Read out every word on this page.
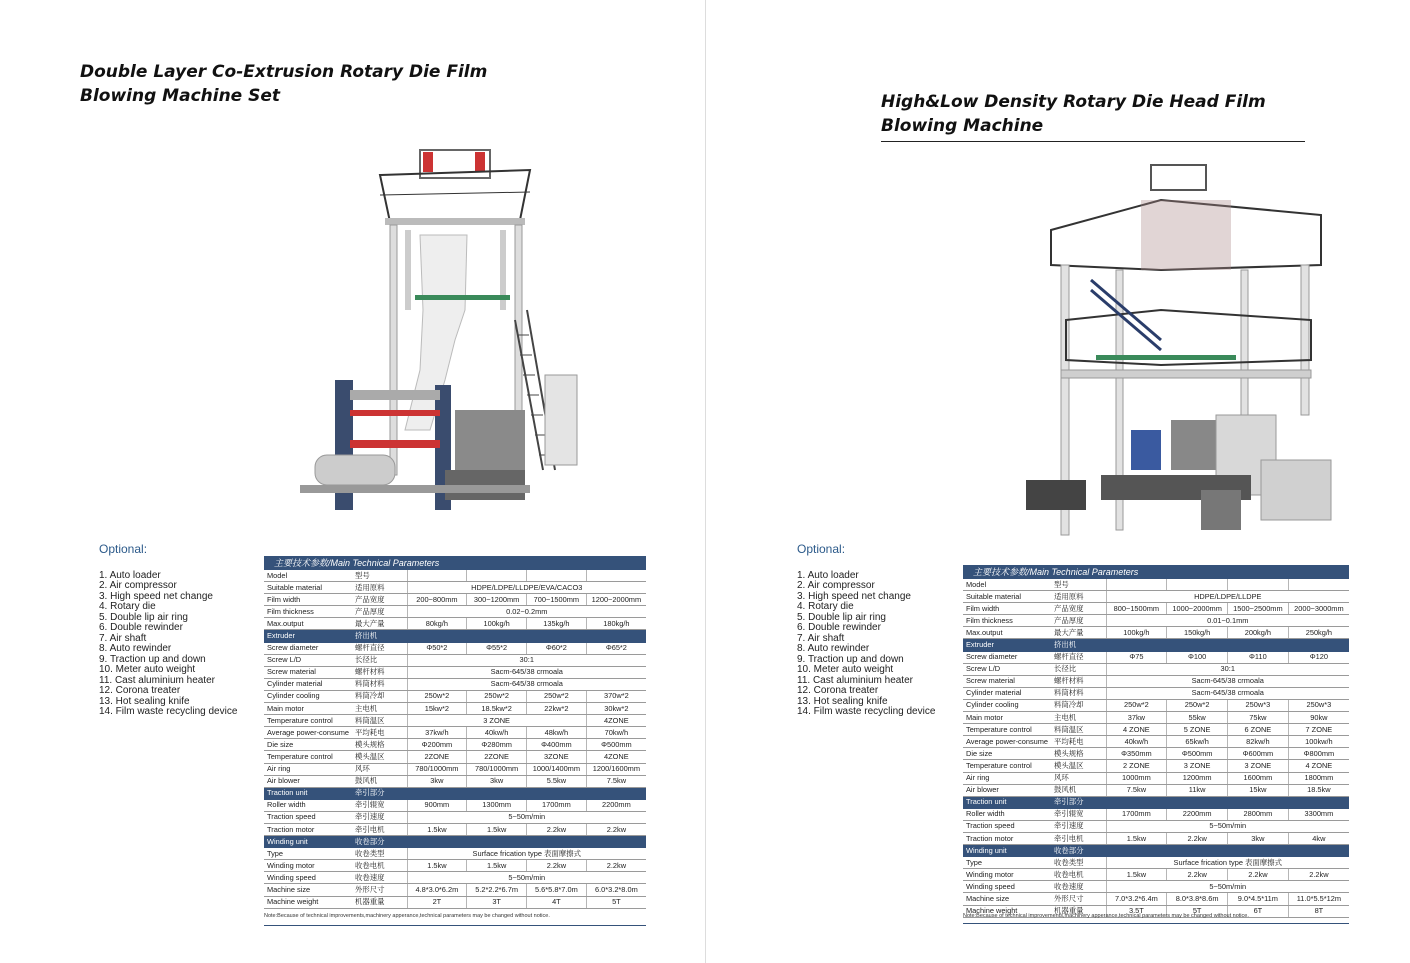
Double Layer Co-Extrusion Rotary Die Film
Blowing Machine Set
Optional:
1. Auto loader
2. Air compressor
3. High speed net change
4. Rotary die
5. Double lip air ring
6. Double rewinder
7. Air shaft
8. Auto rewinder
9. Traction up and down
10. Meter auto weight
11. Cast aluminium heater
12. Corona treater
13. Hot sealing knife
14. Film waste recycling device
主要技术参数/Main Technical Parameters
Model	型号				
Suitable material	适用原料	HDPE/LDPE/LLDPE/EVA/CACO3			
Film width	产品宽度	200~800mm	300~1200mm	700~1500mm	1200~2000mm
Film thickness	产品厚度	0.02~0.2mm			
Max.output	最大产量	80kg/h	100kg/h	135kg/h	180kg/h
Extruder	挤出机				
Screw diameter	螺杆直径	Φ50*2	Φ55*2	Φ60*2	Φ65*2
Screw L/D	长径比	30:1			
Screw material	螺杆材料	Sacm-645/38 crmoala			
Cylinder material	料筒材料	Sacm-645/38 crmoala			
Cylinder cooling	料筒冷却	250w*2	250w*2	250w*2	370w*2
Main motor	主电机	15kw*2	18.5kw*2	22kw*2	30kw*2
Temperature control	料筒温区	3 ZONE			4ZONE
Average power-consume	平均耗电	37kw/h	40kw/h	48kw/h	70kw/h
Die size	模头规格	Φ200mm	Φ280mm	Φ400mm	Φ500mm
Temperature control	模头温区	2ZONE	2ZONE	3ZONE	4ZONE
Air ring	风环	780/1000mm	780/1000mm	1000/1400mm	1200/1600mm
Air blower	鼓风机	3kw	3kw	5.5kw	7.5kw
Traction unit	牵引部分				
Roller width	牵引辊宽	900mm	1300mm	1700mm	2200mm
Traction speed	牵引速度	5~50m/min			
Traction motor	牵引电机	1.5kw	1.5kw	2.2kw	2.2kw
Winding unit	收卷部分				
Type	收卷类型	Surface frication type 表面摩擦式			
Winding motor	收卷电机	1.5kw	1.5kw	2.2kw	2.2kw
Winding speed	收卷速度	5~50m/min			
Machine size	外形尺寸	4.8*3.0*6.2m	5.2*2.2*6.7m	5.6*5.8*7.0m	6.0*3.2*8.0m
Machine weight	机器重量	2T	3T	4T	5T
Note:Because of technical improvements,machinery apperance,technical parameters may be changed without notice.
High&Low Density Rotary Die Head Film
Blowing Machine
Optional:
1. Auto loader
2. Air compressor
3. High speed net change
4. Rotary die
5. Double lip air ring
6. Double rewinder
7. Air shaft
8. Auto rewinder
9. Traction up and down
10. Meter auto weight
11. Cast aluminium heater
12. Corona treater
13. Hot sealing knife
14. Film waste recycling device
主要技术参数/Main Technical Parameters
Model	型号				
Suitable material	适用原料	HDPE/LDPE/LLDPE			
Film width	产品宽度	800~1500mm	1000~2000mm	1500~2500mm	2000~3000mm
Film thickness	产品厚度	0.01~0.1mm			
Max.output	最大产量	100kg/h	150kg/h	200kg/h	250kg/h
Extruder	挤出机				
Screw diameter	螺杆直径	Φ75	Φ100	Φ110	Φ120
Screw L/D	长径比	30:1			
Screw material	螺杆材料	Sacm-645/38 crmoala			
Cylinder material	料筒材料	Sacm-645/38 crmoala			
Cylinder cooling	料筒冷却	250w*2	250w*2	250w*3	250w*3
Main motor	主电机	37kw	55kw	75kw	90kw
Temperature control	料筒温区	4 ZONE	5 ZONE	6 ZONE	7 ZONE
Average power-consume	平均耗电	40kw/h	65kw/h	82kw/h	100kw/h
Die size	模头规格	Φ350mm	Φ500mm	Φ600mm	Φ800mm
Temperature control	模头温区	2 ZONE	3 ZONE	3 ZONE	4 ZONE
Air ring	风环	1000mm	1200mm	1600mm	1800mm
Air blower	鼓风机	7.5kw	11kw	15kw	18.5kw
Traction unit	牵引部分				
Roller width	牵引辊宽	1700mm	2200mm	2800mm	3300mm
Traction speed	牵引速度	5~50m/min			
Traction motor	牵引电机	1.5kw	2.2kw	3kw	4kw
Winding unit	收卷部分				
Type	收卷类型	Surface frication type 表面摩擦式			
Winding motor	收卷电机	1.5kw	2.2kw	2.2kw	2.2kw
Winding speed	收卷速度	5~50m/min			
Machine size	外形尺寸	7.0*3.2*6.4m	8.0*3.8*8.6m	9.0*4.5*11m	11.0*5.5*12m
Machine weight	机器重量	3.5T	5T	6T	8T
Note:Because of technical improvements,machinery apperance,technical parameters may be changed without notice.
